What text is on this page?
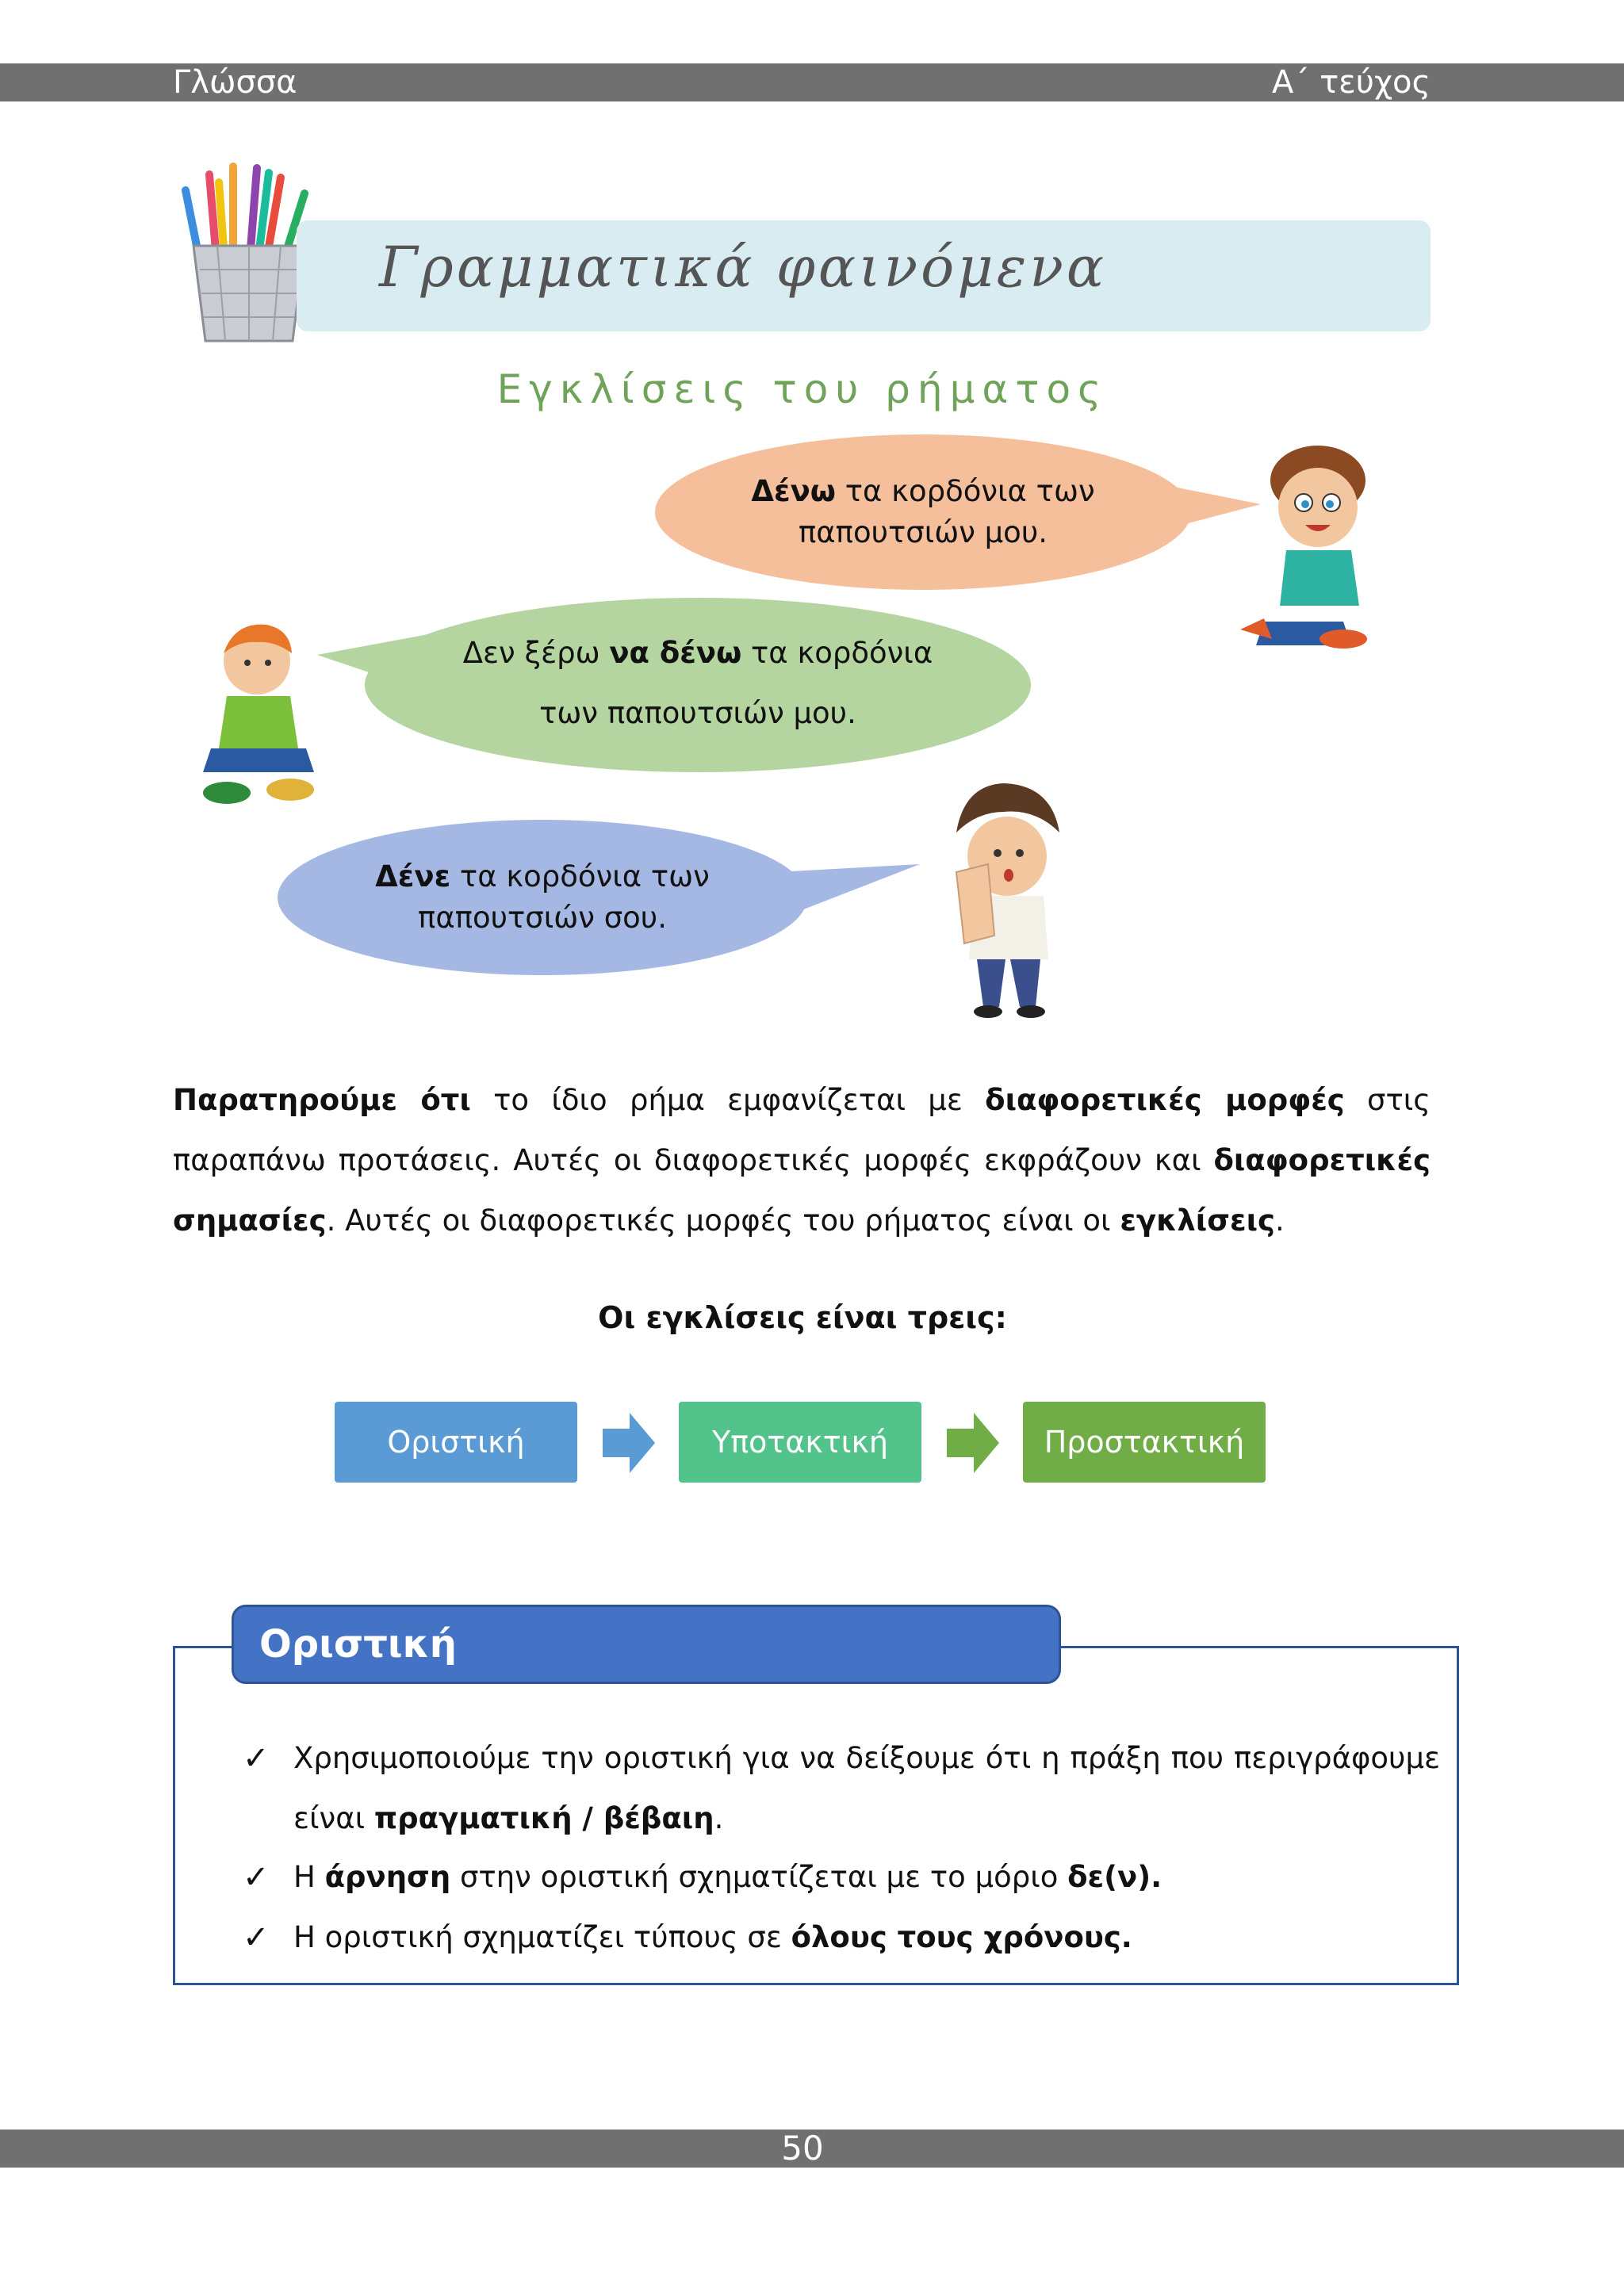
Γλώσσα	Α΄ τεύχος
Γραμματικά φαινόμενα
Εγκλίσεις του ρήματος
Δένω τα κορδόνια των
παπουτσιών μου.
Δεν ξέρω να δένω τα κορδόνια
των παπουτσιών μου.
Δένε τα κορδόνια των
παπουτσιών σου.
Παρατηρούμε ότι το ίδιο ρήμα εμφανίζεται με διαφορετικές μορφές στις παραπάνω προτάσεις. Αυτές οι διαφορετικές μορφές εκφράζουν και διαφορετικές σημασίες. Αυτές οι διαφορετικές μορφές του ρήματος είναι οι εγκλίσεις.
Οι εγκλίσεις είναι τρεις:
Οριστική	Υποτακτική	Προστακτική
Οριστική
✓ Χρησιμοποιούμε την οριστική για να δείξουμε ότι η πράξη που περιγράφουμε είναι πραγματική / βέβαιη.
✓ Η άρνηση στην οριστική σχηματίζεται με το μόριο δε(ν).
✓ Η οριστική σχηματίζει τύπους σε όλους τους χρόνους.
50
